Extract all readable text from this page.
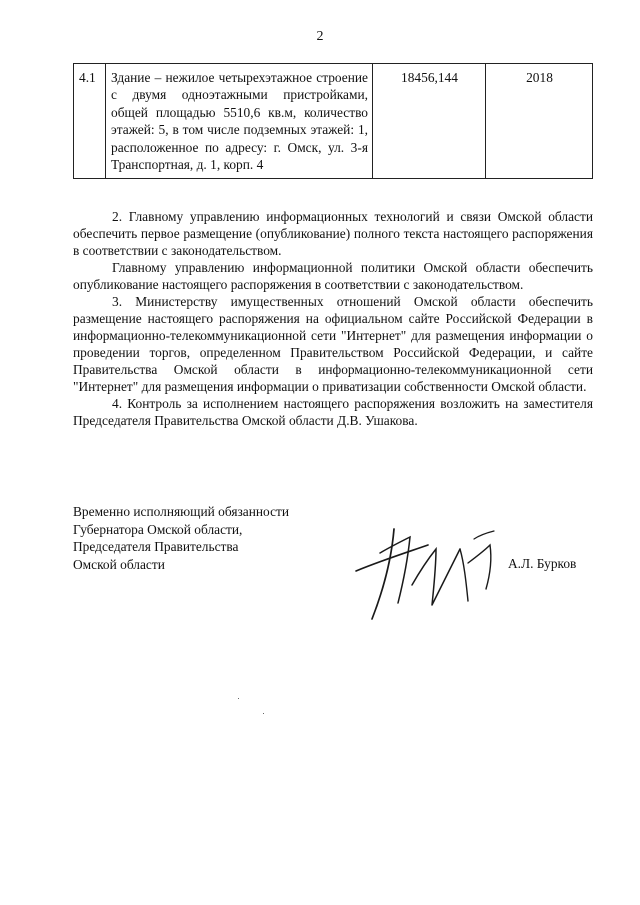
2
4.1	Здание – нежилое четырехэтажное строение с двумя одноэтажными пристройками, общей площадью 5510,6 кв.м, количество этажей: 5, в том числе подземных этажей: 1, расположенное по адресу: г. Омск, ул. 3-я Транспортная, д. 1, корп. 4	18456,144	2018

2. Главному управлению информационных технологий и связи Омской области обеспечить первое размещение (опубликование) полного текста настоящего распоряжения в соответствии с законодательством.

Главному управлению информационной политики Омской области обеспечить опубликование настоящего распоряжения в соответствии с законодательством.

3. Министерству имущественных отношений Омской области обеспечить размещение настоящего распоряжения на официальном сайте Российской Федерации в информационно-телекоммуникационной сети "Интернет" для размещения информации о проведении торгов, определенном Правительством Российской Федерации, и сайте Правительства Омской области в информационно-телекоммуникационной сети "Интернет" для размещения информации о приватизации собственности Омской области.

4. Контроль за исполнением настоящего распоряжения возложить на заместителя Председателя Правительства Омской области Д.В. Ушакова.

Временно исполняющий обязанности
Губернатора Омской области,
Председателя Правительства
Омской области	А.Л. Бурков
